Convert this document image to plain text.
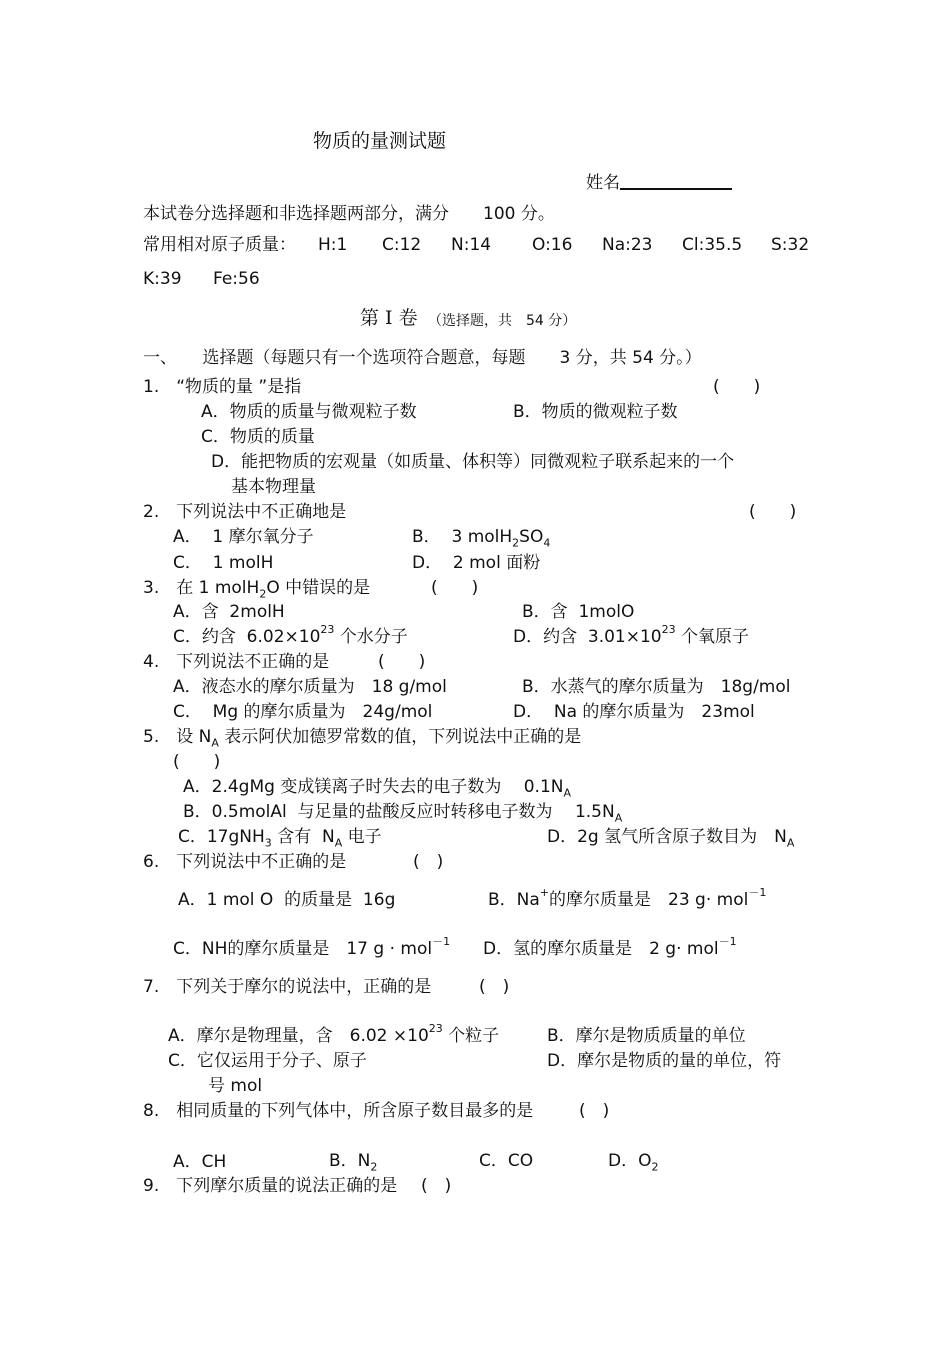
物质的量测试题
姓名
本试卷分选择题和非选择题两部分，满分　　100 分。
常用相对原子质量： H:1 C:12 N:14 O:16 Na:23 Cl:35.5 S:32
K:39 Fe:56
第 I 卷 （选择题，共　54 分）
一、　　选择题（每题只有一个选项符合题意，每题　　3 分，共 54 分。）
1.　“物质的量 ”是指	(　　)
A．物质的质量与微观粒子数	B．物质的微观粒子数
C．物质的质量
D．能把物质的宏观量（如质量、体积等）同微观粒子联系起来的一个
基本物理量
2.　下列说法中不正确地是	(　　)
A．  1 摩尔氧分子	B．  3 $molH_2SO_4$
C．  1 molH	D．  2 mol 面粉
3.　在 1 molH$_2$O 中错误的是	(　　)
A．含  2molH	B．含  1molO
C．约含  $6.02\times 10^{23}$ 个水分子	D．约含  $3.01\times 10^{23}$ 个氧原子
4.　下列说法不正确的是	(　　)
A．液态水的摩尔质量为　18 g/mol	B．水蒸气的摩尔质量为　18g/mol
C．  Mg 的摩尔质量为　24g/mol	D．  Na 的摩尔质量为　23mol
5.　设 $N_A$ 表示阿伏加德罗常数的值，下列说法中正确的是
(　　)
A．2.4gMg 变成镁离子时失去的电子数为　 $0.1N_A$
B．0.5molAl  与足量的盐酸反应时转移电子数为　 $1.5N_A$
C．17gNH$_3$ 含有  $N_A$ 电子	D．2g 氢气所含原子数目为　$N_A$
6.　下列说法中不正确的是	(　)
A．1 mol O  的质量是  16g	B．Na+的摩尔质量是　23 g· mol$^{-1}$
C．NH的摩尔质量是　17 g · mol$^{-1}$ D．氢的摩尔质量是　2 g· mol$^{-1}$
7.　下列关于摩尔的说法中，正确的是	(　)
A．摩尔是物理量，含　$6.02 \times 10^{23}$ 个粒子	B．摩尔是物质质量的单位
C．它仅运用于分子、原子	D．摩尔是物质的量的单位，符
号 mol
8.　相同质量的下列气体中，所含原子数目最多的是	(　)
A．CH	B．$N_2$	C．CO	D．$O_2$
9.　下列摩尔质量的说法正确的是 (　)
